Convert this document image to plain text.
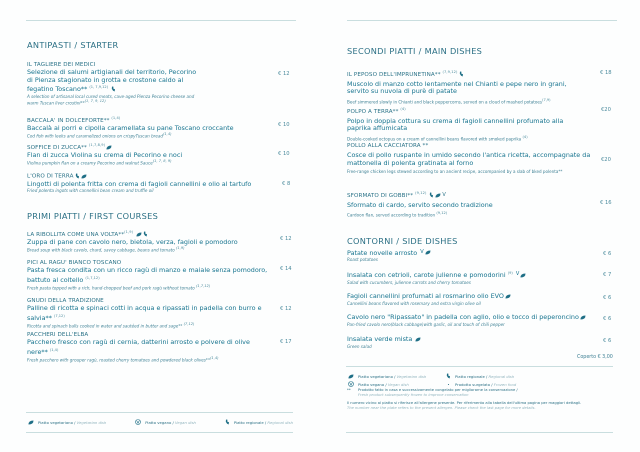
ANTIPASTI / STARTER
IL TAGLIERE DEI MEDICI
Selezione di salumi artigianali del territorio, Pecorino di Pienza stagionato in grotta e crostone caldo al fegatino Toscano** $^{(1, 7,9,12)}$
A selection of artisanal local cured meats, cave-aged Pienza Pecorino cheese and warm Tuscan liver crostini**(1, 7, 9, 12)
€ 12
BACCALA' IN DOLCEFORTE** $^{(1,4)}$
Baccalà ai porri e cipolla caramellata su pane Toscano croccante
Cod fish with leeks and caramelized onions on crispyTuscan bread(1,4)
€ 10
SOFFICE DI ZUCCA** $^{(1,7,8,9)}$
Flan di zucca Violina su crema di Pecorino e noci
Violina pumpkin flan on a creamy Pecorino and walnut Sauce(1, 7, 8, 9)
€ 10
L'ORO DI TERRA
Lingotti di polenta fritta con crema di fagioli cannellini e olio al tartufo
Fried polenta ingots with cannellini bean cream and truffle oil
€ 8
PRIMI PIATTI / FIRST COURSES
LA RIBOLLITA COME UNA VOLTA**$^{(1,9)}$
Zuppa di pane con cavolo nero, bietola, verza, fagioli e pomodoro
Bread soup with black cavolo, chard, savoy cabbage, beans and tomato (1,9)
€ 12
PICI AL RAGU' BIANCO TOSCANO
Pasta fresca condita con un ricco ragù di manzo e maiale senza pomodoro, battuto al coltello $^{(1,7,12)}$
Fresh pasta topped with a rich, hand-chopped beef and pork ragù without tomato (1,7,12)
€ 14
GNUDI DELLA TRADIZIONE
Palline di ricotta e spinaci cotti in acqua e ripassati in padella con burro e salvia** $^{(7,12)}$
Ricotta and spinach balls cooked in water and sautéed in butter and sage** (7,12)
€ 12
PACCHERI DELL'ELBA
Pacchero fresco con ragù di cernia, datterini arrosto e polvere di olive nere** $^{(1,4)}$
Fresh pacchero with grouper ragù, roasted cherry tomatoes and powdered black olives**(1,4)
€ 17
Piatto vegetariano / Vegetarian dish	Piatto vegano / Vegan dish	Piatto regionale / Regional dish
SECONDI PIATTI / MAIN DISHES
IL PEPOSO DELL'IMPRUNETINA** $^{(7,9,12)}$
Muscolo di manzo cotto lentamente nel Chianti e pepe nero in grani, servito su nuvola di purè di patate
Beef simmered slowly in Chianti and black peppercorns, served on a cloud of mashed potatoes(7,9)
€ 18
POLPO A TERRA** $^{(4)}$
Polpo in doppia cottura su crema di fagioli cannellini profumato alla paprika affumicata
Double-cooked octopus on a cream of cannellini beans flavored with smoked paprika (4)
€20
POLLO ALLA CACCIATORA **
Cosce di pollo ruspante in umido secondo l'antica ricetta, accompagnate da mattonella di polenta gratinata al forno
Free-range chicken legs stewed according to an ancient recipe, accompanied by a slab of bked polenta**
€20
SFORMATO DI GOBBI** $^{(9,12)}$	V
Sformato di cardo, servito secondo tradizione
Cardoon flan, served according to tradition (9,12)
€ 16
CONTORNI / SIDE DISHES
Patate novelle arrosto V
Roast potatoes
€ 6
Insalata con cetrioli, carote julienne e pomodorini $^{(9)}$ V
Salad with cucumbers, julienne carrots and cherry tomatoes
€ 7
Fagioli cannellini profumati al rosmarino olio EVO
Cannellini beans flavored with rosemary and extra virgin olive oil
€ 6
Cavolo nero "Ripassato" in padella con aglio, olio e tocco di peperoncino
Pan-fried cavolo nero(black cabbage)with garlic, oil and touch of chili pepper
€ 6
Insalata verde mista
Green salad
€ 6
Coperto € 3,00
Piatto vegetariano / Vegetarian dish	Piatto regionale / Regional dish
Piatto vegano / Vegan dish	•	Prodotto surgelato / Frozen food
** Prodotto fatto in casa e successivamente congelato per migliorarne la conservazione /
Fresh product subsequently frozen to improve conservation
Il numero vicino al piatto si riferisce all'allergene presente. Per riferimento alla tabella dell'ultima pagina per maggiori dettagli.
The number near the plate refers to the present allergen. Please check the last page for more details.
